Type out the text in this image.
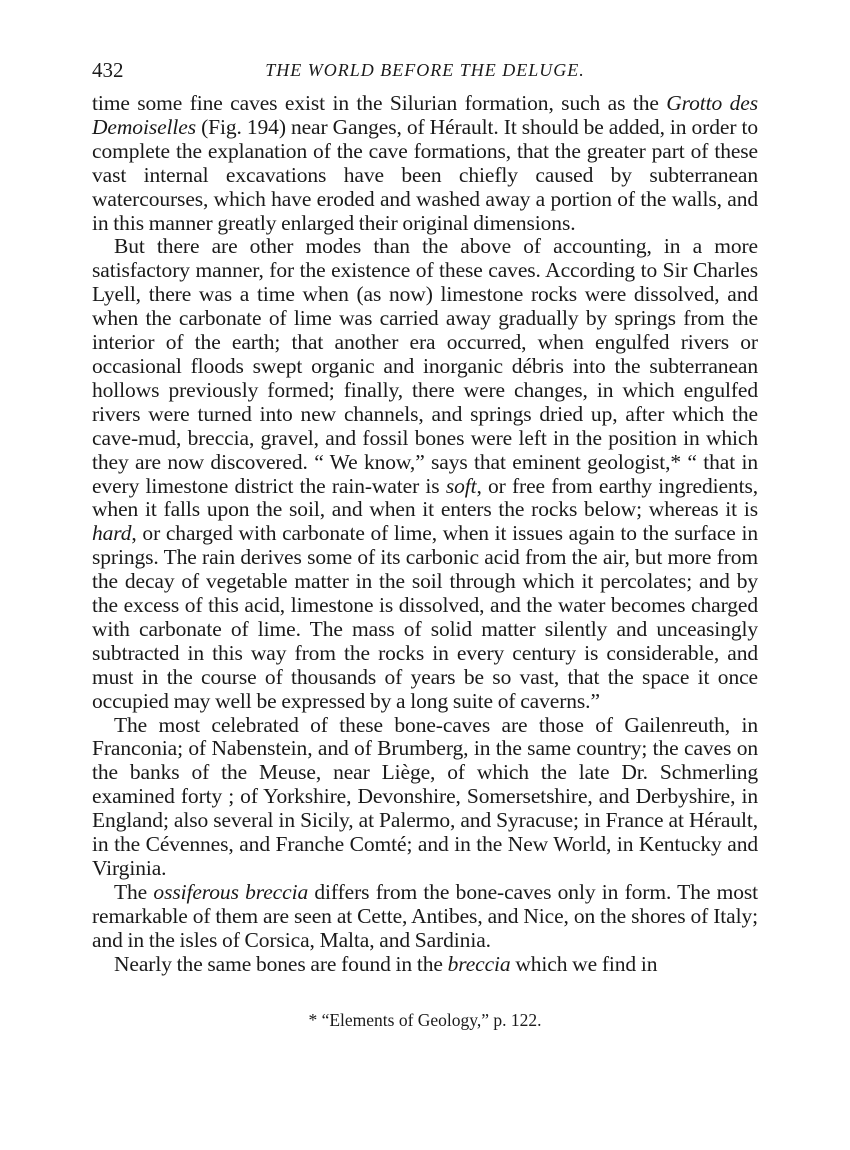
432	THE WORLD BEFORE THE DELUGE.

time some fine caves exist in the Silurian formation, such as the Grotto des Demoiselles (Fig. 194) near Ganges, of Hérault. It should be added, in order to complete the explanation of the cave formations, that the greater part of these vast internal excavations have been chiefly caused by subterranean watercourses, which have eroded and washed away a portion of the walls, and in this manner greatly enlarged their original dimensions.

But there are other modes than the above of accounting, in a more satisfactory manner, for the existence of these caves. According to Sir Charles Lyell, there was a time when (as now) limestone rocks were dissolved, and when the carbonate of lime was carried away gradually by springs from the interior of the earth; that another era occurred, when engulfed rivers or occasional floods swept organic and inorganic débris into the subterranean hollows previously formed; finally, there were changes, in which engulfed rivers were turned into new channels, and springs dried up, after which the cave-mud, breccia, gravel, and fossil bones were left in the position in which they are now discovered. “ We know,” says that eminent geologist,* “ that in every limestone district the rain-water is soft, or free from earthy ingredients, when it falls upon the soil, and when it enters the rocks below; whereas it is hard, or charged with carbonate of lime, when it issues again to the surface in springs. The rain derives some of its carbonic acid from the air, but more from the decay of vegetable matter in the soil through which it percolates; and by the excess of this acid, limestone is dissolved, and the water becomes charged with carbonate of lime. The mass of solid matter silently and unceasingly subtracted in this way from the rocks in every century is considerable, and must in the course of thousands of years be so vast, that the space it once occupied may well be expressed by a long suite of caverns.”

The most celebrated of these bone-caves are those of Gailenreuth, in Franconia; of Nabenstein, and of Brumberg, in the same country; the caves on the banks of the Meuse, near Liège, of which the late Dr. Schmerling examined forty ; of Yorkshire, Devonshire, Somersetshire, and Derbyshire, in England; also several in Sicily, at Palermo, and Syracuse; in France at Hérault, in the Cévennes, and Franche Comté; and in the New World, in Kentucky and Virginia.

The ossiferous breccia differs from the bone-caves only in form. The most remarkable of them are seen at Cette, Antibes, and Nice, on the shores of Italy; and in the isles of Corsica, Malta, and Sardinia.

Nearly the same bones are found in the breccia which we find in

* “Elements of Geology,” p. 122.
